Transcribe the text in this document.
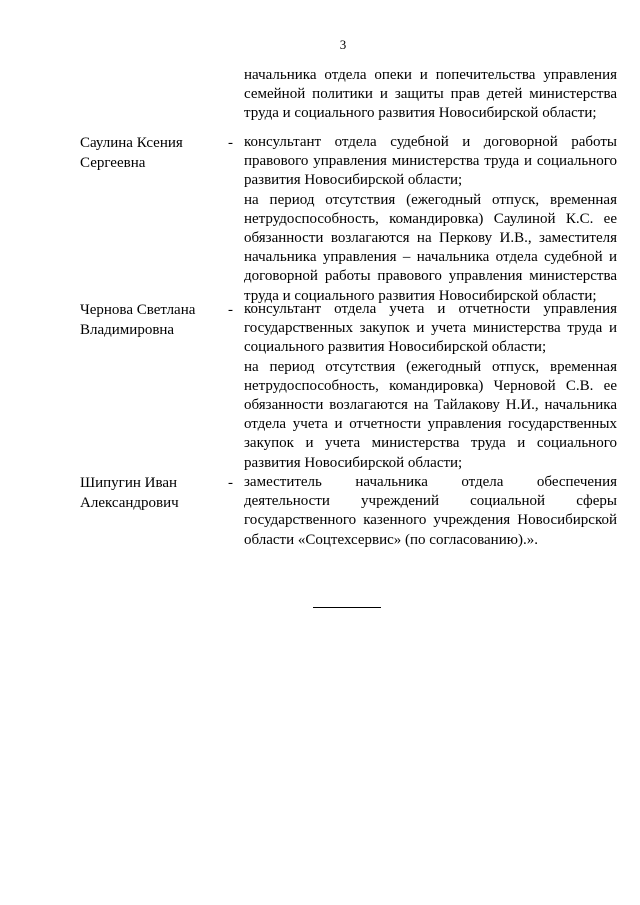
3

начальника отдела опеки и попечительства управления семейной политики и защиты прав детей министерства труда и социального развития Новосибирской области;

Саулина Ксения
Сергеевна
- консультант отдела судебной и договорной работы правового управления министерства труда и социального развития Новосибирской области;

на период отсутствия (ежегодный отпуск, временная нетрудоспособность, командировка) Саулиной К.С. ее обязанности возлагаются на Перкову И.В., заместителя начальника управления – начальника отдела судебной и договорной работы правового управления министерства труда и социального развития Новосибирской области;

Чернова Светлана
Владимировна
- консультант отдела учета и отчетности управления государственных закупок и учета министерства труда и социального развития Новосибирской области;

на период отсутствия (ежегодный отпуск, временная нетрудоспособность, командировка) Черновой С.В. ее обязанности возлагаются на Тайлакову Н.И., начальника отдела учета и отчетности управления государственных закупок и учета министерства труда и социального развития Новосибирской области;

Шипугин Иван
Александрович
- заместитель начальника отдела обеспечения деятельности учреждений социальной сферы государственного казенного учреждения Новосибирской области «Соцтехсервис» (по согласованию).».
